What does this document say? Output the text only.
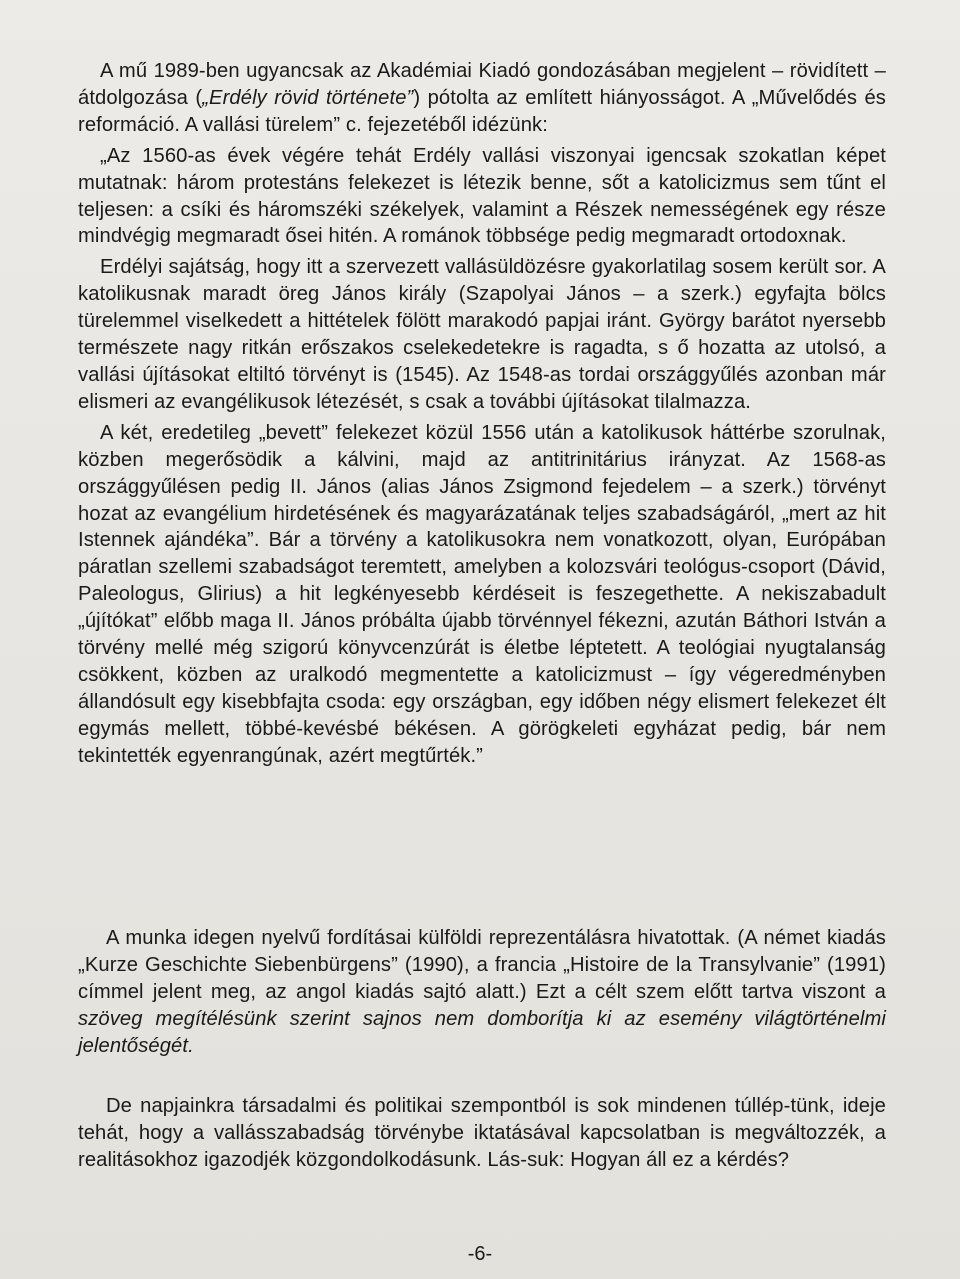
A mű 1989-ben ugyancsak az Akadémiai Kiadó gondozásában megjelent – rövidített – átdolgozása („Erdély rövid története”) pótolta az említett hiányosságot. A „Művelődés és reformáció. A vallási türelem” c. fejezetéből idézünk:

„Az 1560-as évek végére tehát Erdély vallási viszonyai igencsak szokatlan képet mutatnak: három protestáns felekezet is létezik benne, sőt a katolicizmus sem tűnt el teljesen: a csíki és háromszéki székelyek, valamint a Részek nemességének egy része mindvégig megmaradt ősei hitén. A románok többsége pedig megmaradt ortodoxnak.

Erdélyi sajátság, hogy itt a szervezett vallásüldözésre gyakorlatilag sosem került sor. A katolikusnak maradt öreg János király (Szapolyai János – a szerk.) egyfajta bölcs türelemmel viselkedett a hittételek fölött marakodó papjai iránt. György barátot nyersebb természete nagy ritkán erőszakos cselekedetekre is ragadta, s ő hozatta az utolsó, a vallási újításokat eltiltó törvényt is (1545). Az 1548-as tordai országgyűlés azonban már elismeri az evangélikusok létezését, s csak a további újításokat tilalmazza.

A két, eredetileg „bevett” felekezet közül 1556 után a katolikusok háttérbe szorulnak, közben megerősödik a kálvini, majd az antitrinitárius irányzat. Az 1568-as országgyűlésen pedig II. János (alias János Zsigmond fejedelem – a szerk.) törvényt hozat az evangélium hirdetésének és magyarázatának teljes szabadságáról, „mert az hit Istennek ajándéka”. Bár a törvény a katolikusokra nem vonatkozott, olyan, Európában páratlan szellemi szabadságot teremtett, amelyben a kolozsvári teológus-csoport (Dávid, Paleologus, Glirius) a hit legkényesebb kérdéseit is feszegethette. A nekiszabadult „újítókat” előbb maga II. János próbálta újabb törvénnyel fékezni, azután Báthori István a törvény mellé még szigorú könyvcenzúrát is életbe léptetett. A teológiai nyugtalanság csökkent, közben az uralkodó megmentette a katolicizmust – így végeredményben állandósult egy kisebbfajta csoda: egy országban, egy időben négy elismert felekezet élt egymás mellett, többé-kevésbé békésen. A görögkeleti egyházat pedig, bár nem tekintették egyenrangúnak, azért megtűrték.”

A munka idegen nyelvű fordításai külföldi reprezentálásra hivatottak. (A német kiadás „Kurze Geschichte Siebenbürgens” (1990), a francia „Histoire de la Transylvanie” (1991) címmel jelent meg, az angol kiadás sajtó alatt.) Ezt a célt szem előtt tartva viszont a szöveg megítélésünk szerint sajnos nem domborítja ki az esemény világtörténelmi jelentőségét.

De napjainkra társadalmi és politikai szempontból is sok mindenen túllép-tünk, ideje tehát, hogy a vallásszabadság törvénybe iktatásával kapcsolatban is megváltozzék, a realitásokhoz igazodjék közgondolkodásunk. Lás-suk: Hogyan áll ez a kérdés?

-6-
